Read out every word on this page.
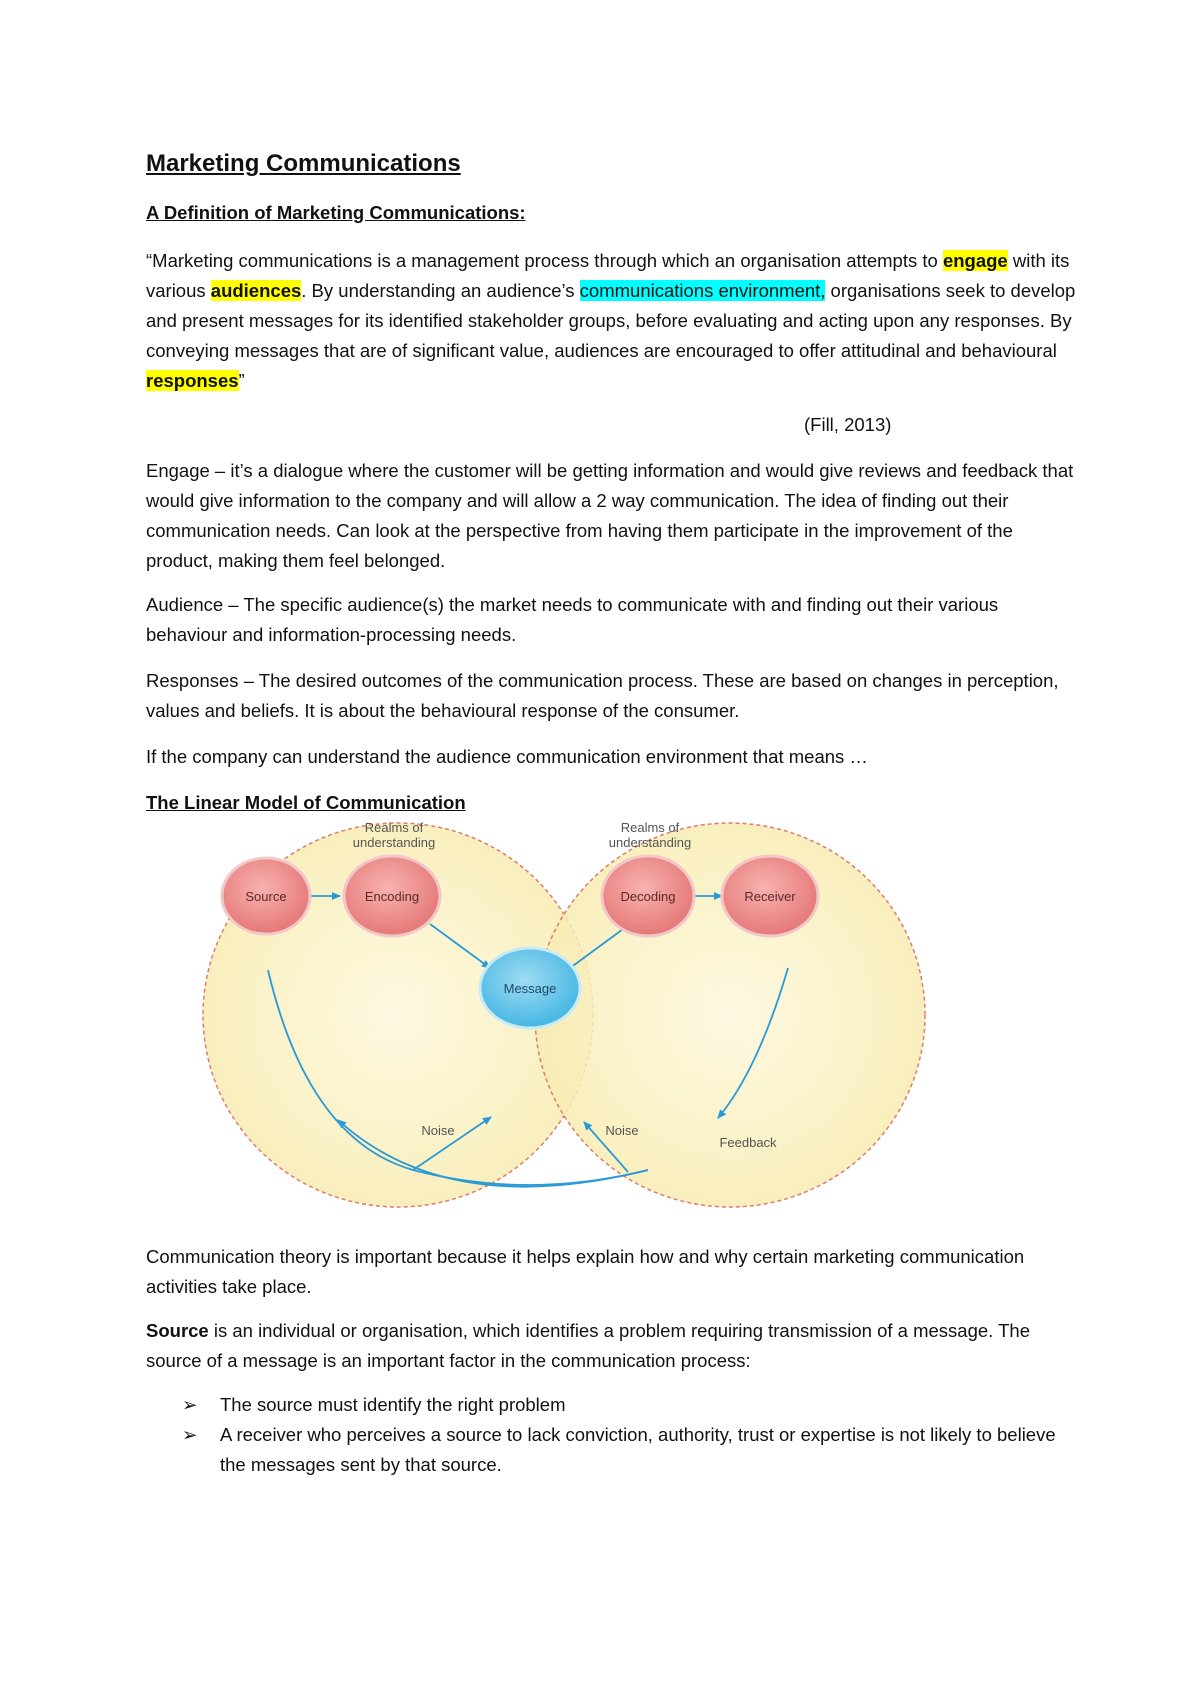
Marketing Communications

A Definition of Marketing Communications:

“Marketing communications is a management process through which an organisation attempts to engage with its various audiences. By understanding an audience’s communications environment, organisations seek to develop and present messages for its identified stakeholder groups, before evaluating and acting upon any responses. By conveying messages that are of significant value, audiences are encouraged to offer attitudinal and behavioural responses”

(Fill, 2013)

Engage – it’s a dialogue where the customer will be getting information and would give reviews and feedback that would give information to the company and will allow a 2 way communication. The idea of finding out their communication needs. Can look at the perspective from having them participate in the improvement of the product, making them feel belonged.

Audience – The specific audience(s) the market needs to communicate with and finding out their various behaviour and information-processing needs.

Responses – The desired outcomes of the communication process. These are based on changes in perception, values and beliefs. It is about the behavioural response of the consumer.

If the company can understand the audience communication environment that means …

The Linear Model of Communication

Source	Encoding	Decoding	Receiver
Message
Realms of
understanding
Realms of
understanding
Noise	Noise
Feedback

Communication theory is important because it helps explain how and why certain marketing communication activities take place.

Source is an individual or organisation, which identifies a problem requiring transmission of a message. The source of a message is an important factor in the communication process:

➢ The source must identify the right problem
➢ A receiver who perceives a source to lack conviction, authority, trust or expertise is not likely to believe the messages sent by that source.
